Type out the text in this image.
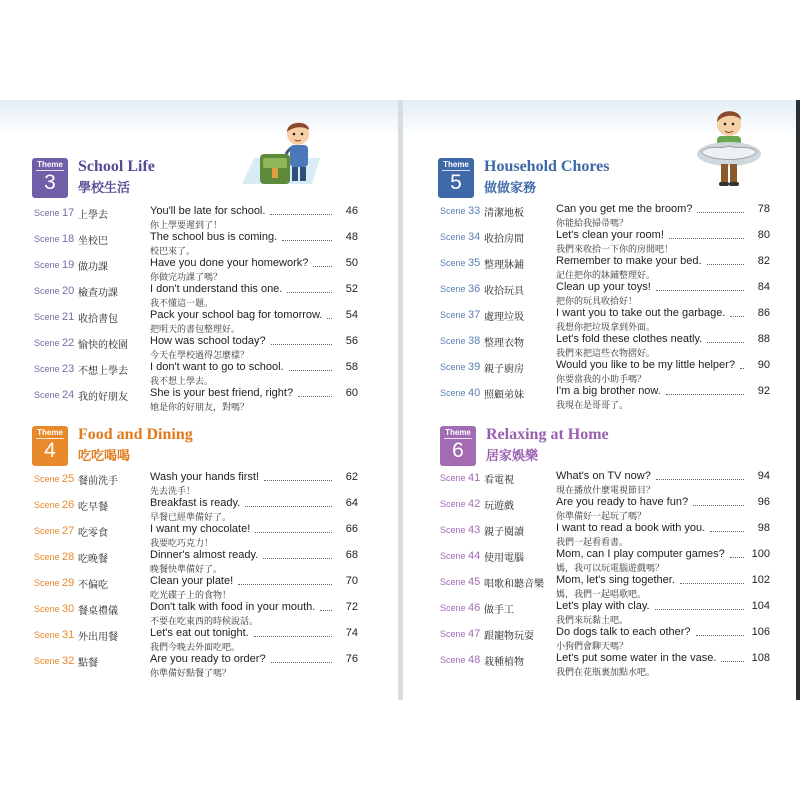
Theme
3
School Life
學校生活
Scene 17 上學去	You'll be late for school.	46
你上學要遲到了！
Scene 18 坐校巴	The school bus is coming.	48
校巴來了。
Scene 19 做功課	Have you done your homework?	50
你做完功課了嗎？
Scene 20 檢查功課	I don't understand this one.	52
我不懂這一題。
Scene 21 收拾書包	Pack your school bag for tomorrow.	54
把明天的書包整理好。
Scene 22 愉快的校園 How was school today?	56
今天在學校過得怎麼樣？
Scene 23 不想上學去 I don't want to go to school.	58
我不想上學去。
Scene 24 我的好朋友 She is your best friend, right?	60
她是你的好朋友，對嗎？
Theme
4
Food and Dining
吃吃喝喝
Scene 25 餐前洗手	Wash your hands first!	62
先去洗手！
Scene 26 吃早餐	Breakfast is ready.	64
早餐已經準備好了。
Scene 27 吃零食	I want my chocolate!	66
我要吃巧克力！
Scene 28 吃晚餐	Dinner's almost ready.	68
晚餐快準備好了。
Scene 29 不偏吃	Clean your plate!	70
吃光碟子上的食物！
Scene 30 餐桌禮儀	Don't talk with food in your mouth.	72
不要在吃東西的時候說話。
Scene 31 外出用餐	Let's eat out tonight.	74
我們今晚去外面吃吧。
Scene 32 點餐	Are you ready to order?	76
你準備好點餐了嗎？
Theme
5
Household Chores
做做家務
Scene 33 清潔地板	Can you get me the broom?	78
你能給我掃帚嗎？
Scene 34 收拾房間	Let's clean your room!	80
我們來收拾一下你的房間吧！
Scene 35 整理牀鋪	Remember to make your bed.	82
記住把你的牀鋪整理好。
Scene 36 收拾玩具	Clean up your toys!	84
把你的玩具收拾好！
Scene 37 處理垃圾	I want you to take out the garbage.	86
我想你把垃圾拿到外面。
Scene 38 整理衣物	Let's fold these clothes neatly.	88
我們來把這些衣物摺好。
Scene 39 親子廚房	Would you like to be my little helper?	90
你要當我的小助手嗎？
Scene 40 照顧弟妹	I'm a big brother now.	92
我現在是哥哥了。
Theme
6
Relaxing at Home
居家娛樂
Scene 41 看電視	What's on TV now?	94
現在播放什麼電視節目？
Scene 42 玩遊戲	Are you ready to have fun?	96
你準備好一起玩了嗎？
Scene 43 親子閱讀	I want to read a book with you.	98
我們一起看看書。
Scene 44 使用電腦	Mom, can I play computer games?	100
媽，我可以玩電腦遊戲嗎？
Scene 45 唱歌和聽音樂 Mom, let's sing together.	102
媽，我們一起唱歌吧。
Scene 46 做手工	Let's play with clay.	104
我們來玩黏土吧。
Scene 47 跟寵物玩耍 Do dogs talk to each other?	106
小狗們會聊天嗎？
Scene 48 栽種植物	Let's put some water in the vase.	108
我們在花瓶裏加點水吧。
